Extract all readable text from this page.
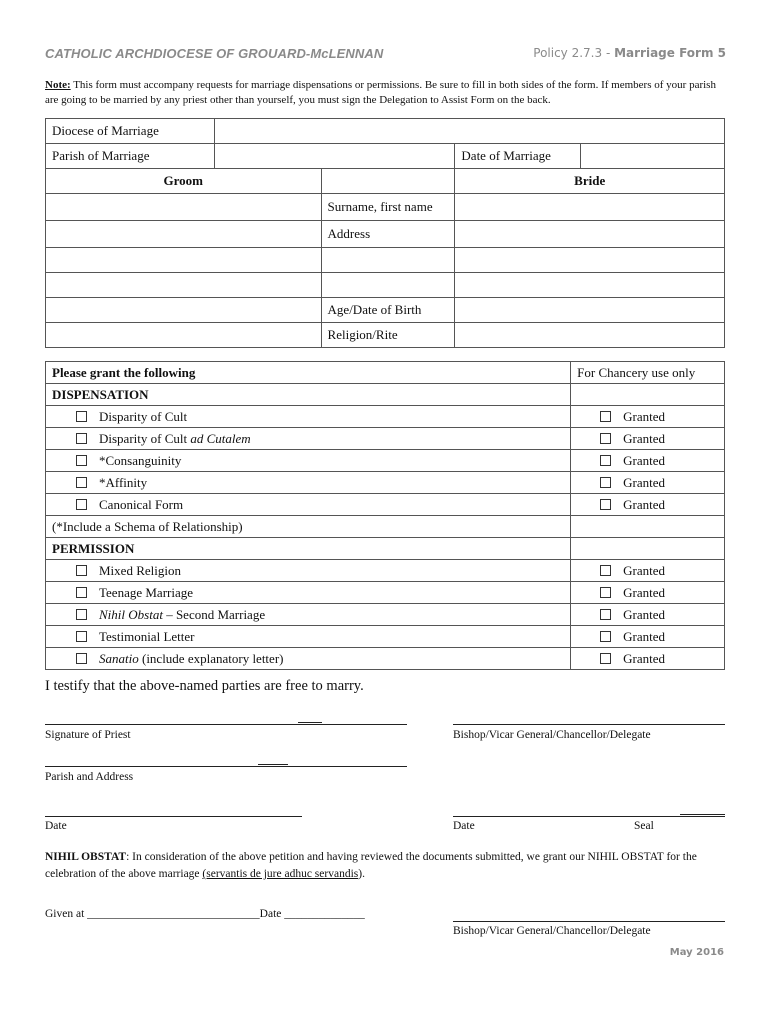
CATHOLIC ARCHDIOCESE OF GROUARD-McLENNAN	Policy 2.7.3 - Marriage Form 5
Note: This form must accompany requests for marriage dispensations or permissions. Be sure to fill in both sides of the form. If members of your parish are going to be married by any priest other than yourself, you must sign the Delegation to Assist Form on the back.
Diocese of Marriage				
Parish of Marriage			Date of Marriage	
Groom			Bride	
		Surname, first name		
		Address		

		Age/Date of Birth		
		Religion/Rite		
Please grant the following	For Chancery use only
DISPENSATION	
Disparity of Cult	Granted
Disparity of Cult ad Cutalem	Granted
*Consanguinity	Granted
*Affinity	Granted
Canonical Form	Granted
(*Include a Schema of Relationship)	
PERMISSION	
Mixed Religion	Granted
Teenage Marriage	Granted
Nihil Obstat – Second Marriage	Granted
Testimonial Letter	Granted
Sanatio (include explanatory letter)	Granted
I testify that the above-named parties are free to marry.
Signature of Priest	Bishop/Vicar General/Chancellor/Delegate
Parish and Address
Date	Date	Seal
NIHIL OBSTAT: In consideration of the above petition and having reviewed the documents submitted, we grant our NIHIL OBSTAT for the celebration of the above marriage (servantis de jure adhuc servandis).
Given at ______________________________Date ______________
Bishop/Vicar General/Chancellor/Delegate
May 2016
